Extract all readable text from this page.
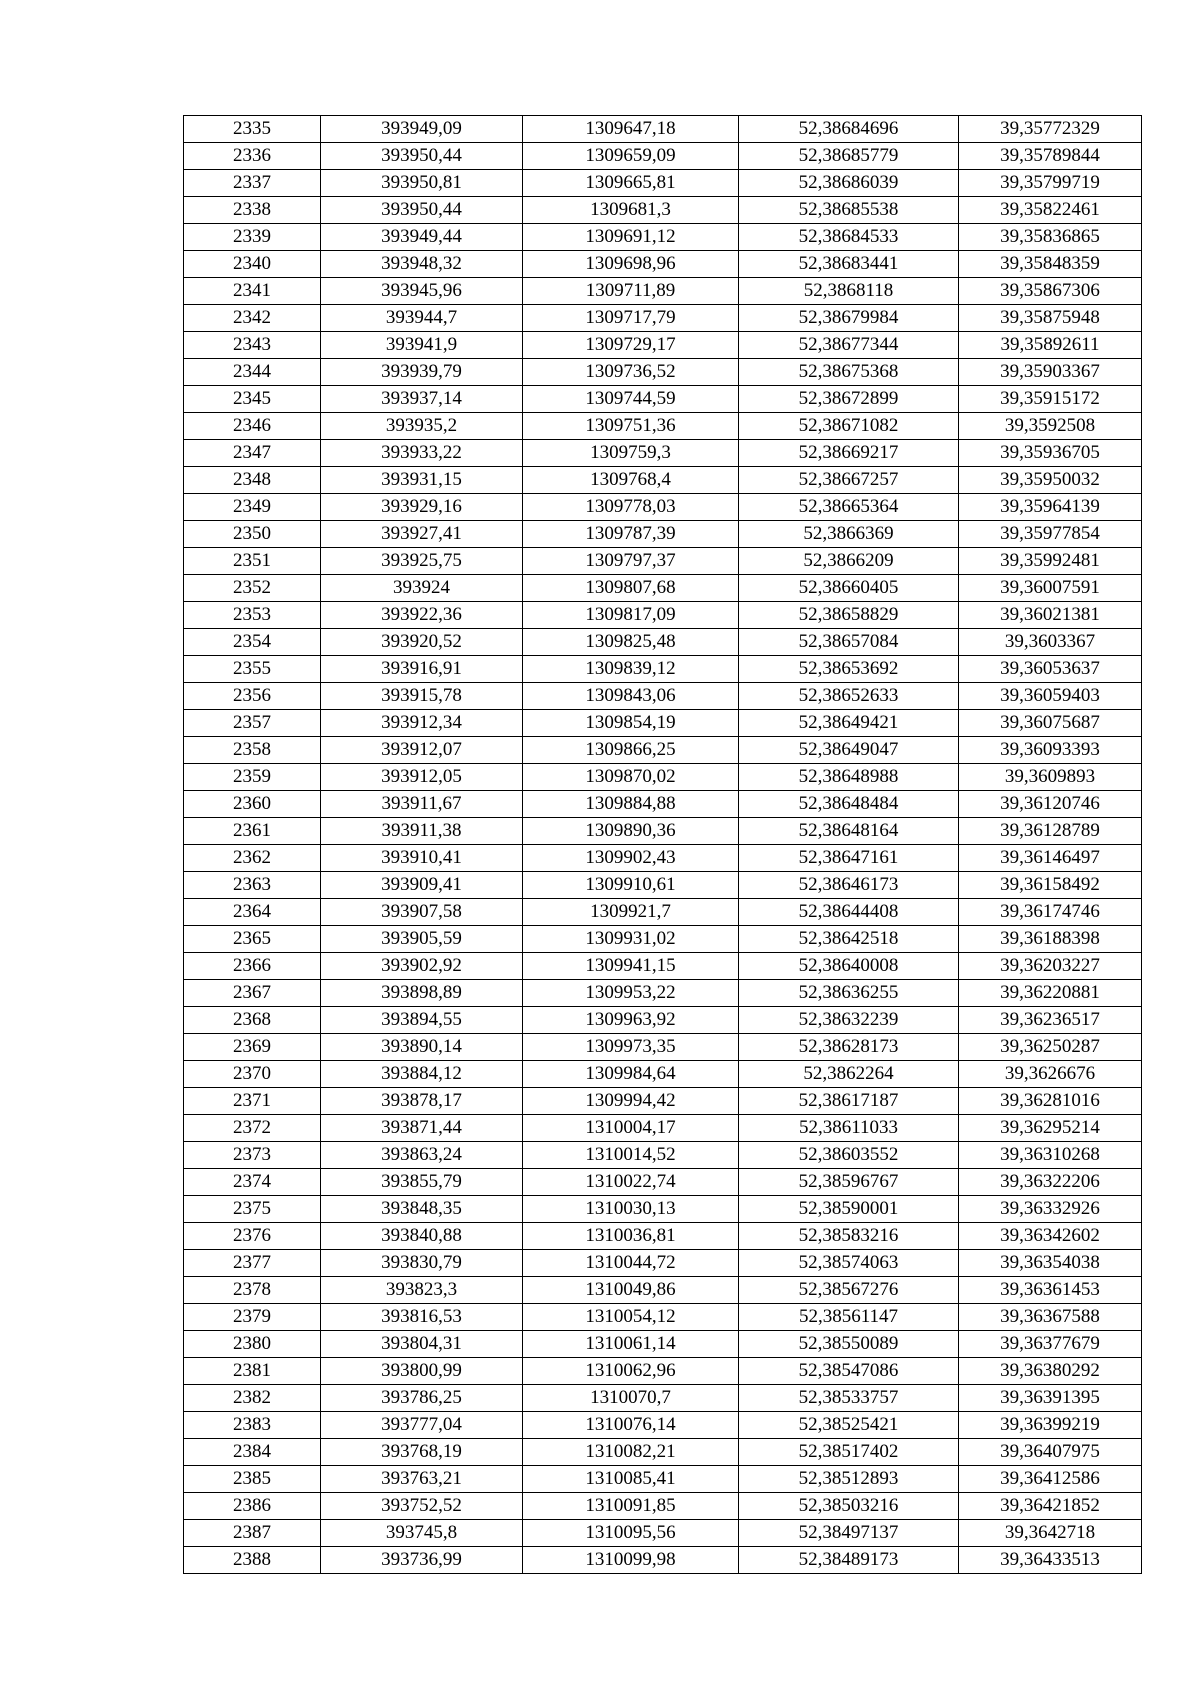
2335	393949,09	1309647,18	52,38684696	39,35772329
2336	393950,44	1309659,09	52,38685779	39,35789844
2337	393950,81	1309665,81	52,38686039	39,35799719
2338	393950,44	1309681,3	52,38685538	39,35822461
2339	393949,44	1309691,12	52,38684533	39,35836865
2340	393948,32	1309698,96	52,38683441	39,35848359
2341	393945,96	1309711,89	52,3868118	39,35867306
2342	393944,7	1309717,79	52,38679984	39,35875948
2343	393941,9	1309729,17	52,38677344	39,35892611
2344	393939,79	1309736,52	52,38675368	39,35903367
2345	393937,14	1309744,59	52,38672899	39,35915172
2346	393935,2	1309751,36	52,38671082	39,3592508
2347	393933,22	1309759,3	52,38669217	39,35936705
2348	393931,15	1309768,4	52,38667257	39,35950032
2349	393929,16	1309778,03	52,38665364	39,35964139
2350	393927,41	1309787,39	52,3866369	39,35977854
2351	393925,75	1309797,37	52,3866209	39,35992481
2352	393924	1309807,68	52,38660405	39,36007591
2353	393922,36	1309817,09	52,38658829	39,36021381
2354	393920,52	1309825,48	52,38657084	39,3603367
2355	393916,91	1309839,12	52,38653692	39,36053637
2356	393915,78	1309843,06	52,38652633	39,36059403
2357	393912,34	1309854,19	52,38649421	39,36075687
2358	393912,07	1309866,25	52,38649047	39,36093393
2359	393912,05	1309870,02	52,38648988	39,3609893
2360	393911,67	1309884,88	52,38648484	39,36120746
2361	393911,38	1309890,36	52,38648164	39,36128789
2362	393910,41	1309902,43	52,38647161	39,36146497
2363	393909,41	1309910,61	52,38646173	39,36158492
2364	393907,58	1309921,7	52,38644408	39,36174746
2365	393905,59	1309931,02	52,38642518	39,36188398
2366	393902,92	1309941,15	52,38640008	39,36203227
2367	393898,89	1309953,22	52,38636255	39,36220881
2368	393894,55	1309963,92	52,38632239	39,36236517
2369	393890,14	1309973,35	52,38628173	39,36250287
2370	393884,12	1309984,64	52,3862264	39,3626676
2371	393878,17	1309994,42	52,38617187	39,36281016
2372	393871,44	1310004,17	52,38611033	39,36295214
2373	393863,24	1310014,52	52,38603552	39,36310268
2374	393855,79	1310022,74	52,38596767	39,36322206
2375	393848,35	1310030,13	52,38590001	39,36332926
2376	393840,88	1310036,81	52,38583216	39,36342602
2377	393830,79	1310044,72	52,38574063	39,36354038
2378	393823,3	1310049,86	52,38567276	39,36361453
2379	393816,53	1310054,12	52,38561147	39,36367588
2380	393804,31	1310061,14	52,38550089	39,36377679
2381	393800,99	1310062,96	52,38547086	39,36380292
2382	393786,25	1310070,7	52,38533757	39,36391395
2383	393777,04	1310076,14	52,38525421	39,36399219
2384	393768,19	1310082,21	52,38517402	39,36407975
2385	393763,21	1310085,41	52,38512893	39,36412586
2386	393752,52	1310091,85	52,38503216	39,36421852
2387	393745,8	1310095,56	52,38497137	39,3642718
2388	393736,99	1310099,98	52,38489173	39,36433513
